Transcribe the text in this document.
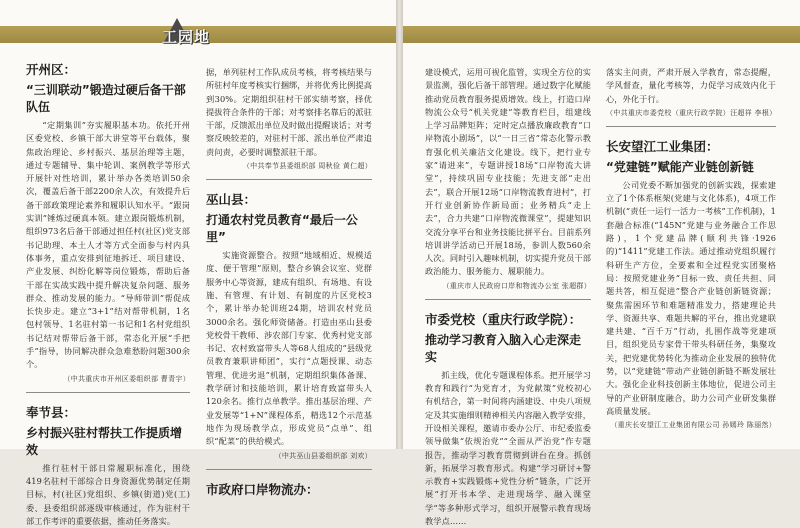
工园地

开州区：

“三训联动”锻造过硬后备干部队伍

“定期集训”夯实履职基本功。依托开州区委党校、乡镇干部大讲堂等平台载体，聚焦政治理论、乡村振兴、基层治理等主题，通过专题辅导、集中轮训、案例教学等形式开展针对性培训，累计举办各类培训50余次，覆盖后备干部2200余人次，有效提升后备干部政策理论素养和履职认知水平。“跟岗实训”锤炼过硬真本领。建立跟岗锻炼机制，组织973名后备干部通过担任村(社区)党支部书记助理、本土人才等方式全面参与村内具体事务，重点安排到征地拆迁、项目建设、产业发展、纠纷化解等岗位锻炼，帮助后备干部在实战实践中提升解决复杂问题、服务群众、推动发展的能力。“导师带训”帮促成长快步走。建立“3+1”结对帮带机制，1名包村领导、1名驻村第一书记和1名村党组织书记结对帮带后备干部，常态化开展“手把手”指导，协同解决群众急难愁盼问题300余个。

（中共重庆市开州区委组织部 曹青宇）

奉节县：

乡村振兴驻村帮扶工作提质增效

推行驻村干部日常履职标准化，围绕419名驻村干部综合日身资源优势制定任期目标，村(社区)党组织、乡镇(街道)党(工)委、县委组织部逐级审核通过，作为驻村干部工作考评的重要依据，推动任务落实。

据，单列驻村工作队成员考核，将考核结果与所驻村年度考核实行捆绑，并将优秀比例提高到30%。定期组织驻村干部实绩考察，择优提拔符合条件的干部；对考察排名靠后的派驻干部，反馈派出单位及时做出提醒谈话；对考察反映较差的，对驻村干部、派出单位严肃追责问责，必要时调整派驻干部。

（中共奉节县委组织部 周秋俭 黄仁超）

巫山县：

打通农村党员教育“最后一公里”

实施资源整合。按照“地域相近、规模适度、便于管理”原则，整合乡镇会议室、党群服务中心等资源，建成有组织、有场地、有设施、有管理、有计划、有制度的片区党校3个，累计举办轮训班24期，培训农村党员3000余名。强化师资储备。打造由巫山县委党校骨干教师、涉农部门专家、优秀村党支部书记、农村致富带头人等68人组成的“县级党员教育兼职讲师团”，实行“点题授课、动态管理、优进劣退”机制，定期组织集体备课、教学研讨和技能培训，累计培育致富带头人120余名。推行点单教学。推出基层治理、产业发展等“1+N”课程体系，精选12个示范基地作为现场教学点，形成党员“点单”、组织“配菜”的供给模式。

（中共巫山县委组织部 刘欢）

市政府口岸物流办：

建设模式，运用可视化监管，实现全方位的实景监测，强化后备干部管理。通过数字化赋能推动党员教育服务提质增效。线上，打造口岸物流公众号“机关党建”等教育栏目，组建线上学习品牌矩阵；定时定点播放廉政教育“口岸物流小剧场”，以“一日三省”常态化警示教育强化机关廉洁文化建设。线下，把行业专家“请进来”，专题讲授18场“口岸物流大讲堂”，持续巩固专业技能；先进支部“走出去”，联合开展12场“口岸物流教育进村”，打开行业创新协作新局面；业务精兵“走上去”，合力共建“口岸物流微课堂”，提建知识交流分享平台和业务技能比拼平台。目前系列培训讲学活动已开展18场，参训人数560余人次。同时引入趣味机制，切实提升党员干部政治能力、服务能力、履职能力。

（重庆市人民政府口岸和物流办公室 张超群）

市委党校（重庆行政学院）：

推动学习教育入脑入心走深走实

抓主线，优化专题课程体系。把开展学习教育和践行“为党育才，为党献策”党校初心有机结合，第一时间将内涵建设、中央八项规定及其实施细则精神相关内容融入教学安排，开设相关课程，邀请市委办公厅、市纪委监委领导做集“依规治党”“全面从严治党”作专题报告，推动学习教育贯彻到讲台在身。抓创新，拓展学习教育形式。构建“学习研讨+警示教育+实践锻炼+党性分析”链条，广泛开展“打开书本学、走进现场学、融入课堂学”等多种形式学习，组织开展警示教育现场教学点……

落实主问责，严肃开展入学教育，常态提醒，学风督查，量化考核等，力促学习成效内化于心，外化于行。

（中共重庆市委党校（重庆行政学院）汪超祥 李根）

长安望江工业集团：

“党建链”赋能产业链创新链

公司党委不断加强党的创新实践，探索建立了1个体系框架(党建与文化体系)，4项工作机制(“责任一运行一活力一考核”工作机制)，1套融合标准(“145N”党建与业务融合工作思路)，1个党建品牌(顺利共锋·1926的)“1411”党建工作法。通过推动党组织履行科研生产方位，全要素和全过程党实团聚格局：按照党建业务“目标一致、责任共担、同题共答，相互促进”整合产业链创新链资源；聚焦需困环节和难题精准发力，搭建理论共学、资源共享、难题共解的平台，推出党建联建共建、“百千万”行动，扎围作战等党建项目，组织党员专家骨干带头科研任务，集聚攻关，把党建优势转化为推动企业发展的独特优势，以“党建链”带动产业链创新链不断发展壮大。强化企业科技创新主体地位，促进公司主导的产业研制度融合，助力公司产业研发集群高质量发展。

（重庆长安望江工业集团有限公司 孙嫣玲 陈丽然）
